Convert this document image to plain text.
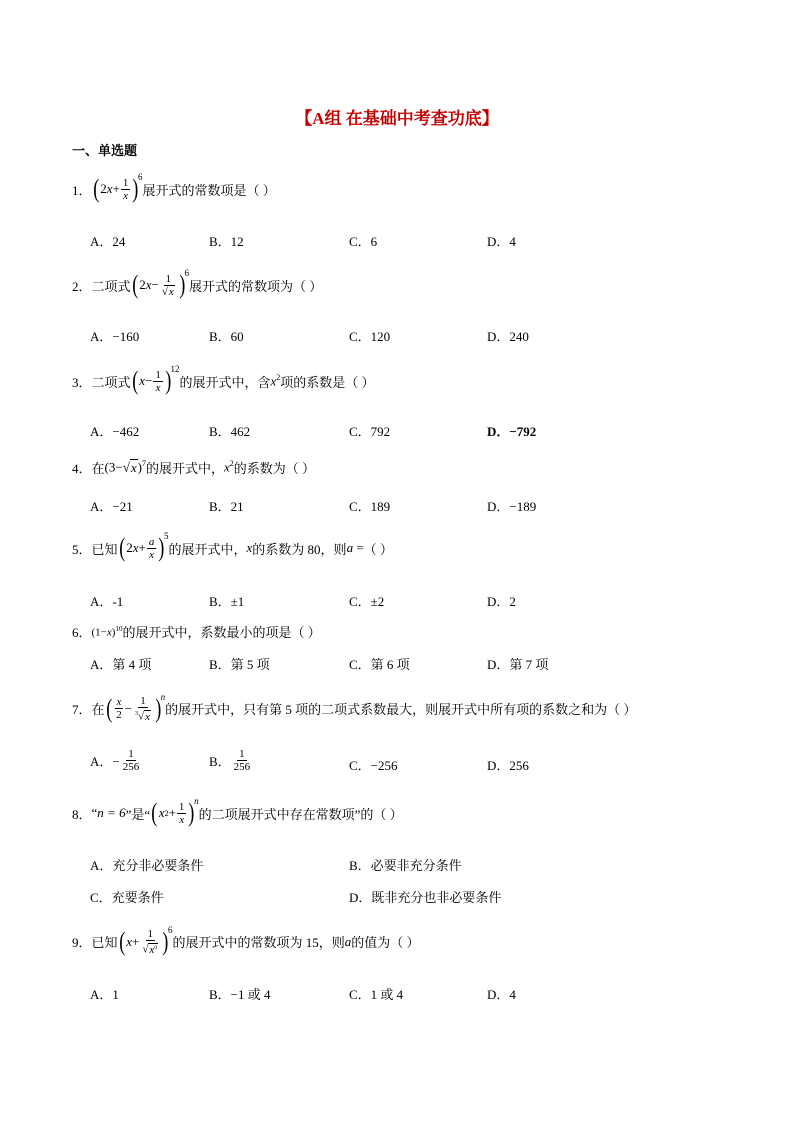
【A组 在基础中考查功底】
一、单选题
1． ( 2 $x + \frac{1}{x}$ ) 6
展开式的常数项是（ ）
A．24	B．12	C．6	D．4
2． 二项式 ( 2 $x - \frac{1}{√x}$ ) 6
展开式的常数项为（ ）
A．−160	B．60	C．120	D．240
3． 二项式 ( $x - \frac{1}{x}$ ) 12
的展开式中，含 $x^2$ 项的系数是（ ）
A．−462	B．462	C．792	D．−792
4． 在 $(3-√x)^7$ 的展开式中， $x^2$ 的系数为（ ）
A．−21	B．21	C．189	D．−189
5． 已知 ( 2 $x + \frac{a}{x}$ ) 5
的展开式中， x 的系数为 80，则 a = （ ）
A．-1	B．±1	C．±2	D．2
6． $(1-x)^{10}$ 的展开式中，系数最小的项是（ ）
A．第 4 项	B．第 5 项	C．第 6 项	D．第 7 项
7． 在 ( $\frac{x}{2} - \frac{1}{^3√x}$ ) n
的展开式中，只有第 5 项的二项式系数最大，则展开式中所有项的系数之和为（ ）
A．− $\frac{1}{256}$	B． $\frac{1}{256}$	C．−256	D．256
8． “ n = 6 ”是“ ( x $2 + \frac{1}{x}$ ) n
的二项展开式中存在常数项”的（ ）
A．充分非必要条件	B．必要非充分条件
C．充要条件	D．既非充分也非必要条件
9． 已知 ( $x + \frac{1}{√x^a}$ ) 6
的展开式中的常数项为 15，则 a 的值为（ ）
A．1	B．−1 或 4	C．1 或 4	D．4
